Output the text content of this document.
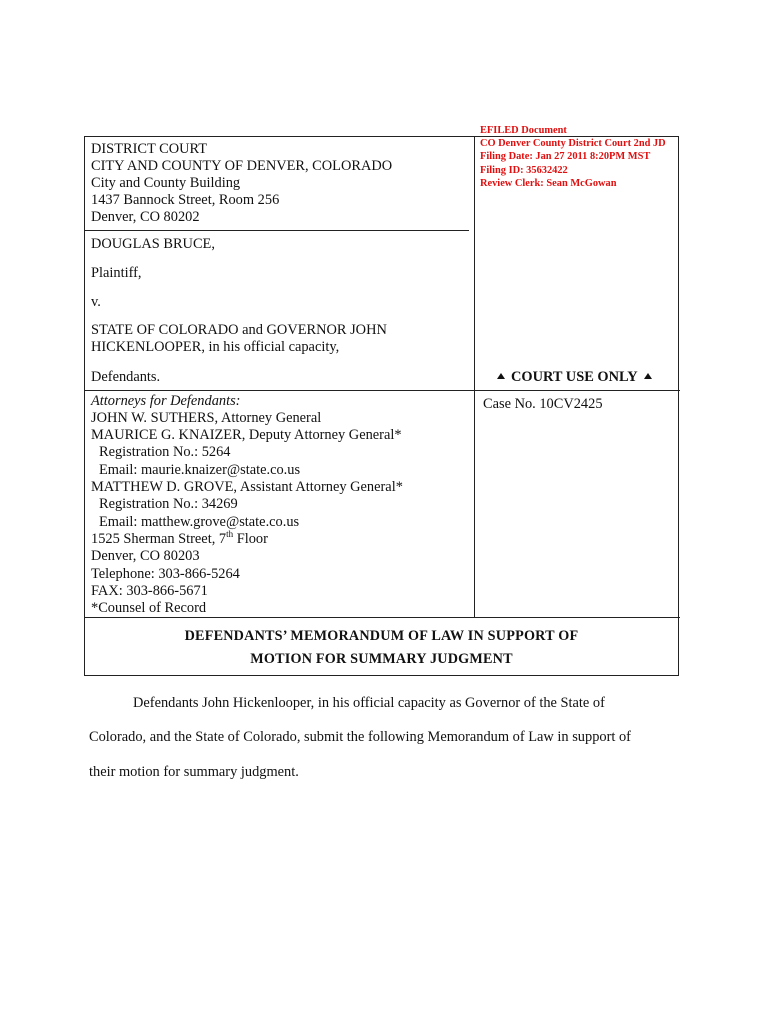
EFILED Document
CO Denver County District Court 2nd JD
Filing Date: Jan 27 2011 8:20PM MST
Filing ID: 35632422
Review Clerk: Sean McGowan
DISTRICT COURT
CITY AND COUNTY OF DENVER, COLORADO
City and County Building
1437 Bannock Street, Room 256
Denver, CO 80202
DOUGLAS BRUCE,
Plaintiff,
v.
STATE OF COLORADO and GOVERNOR JOHN
HICKENLOOPER, in his official capacity,
Defendants.	COURT USE ONLY
Attorneys for Defendants:
JOHN W. SUTHERS, Attorney General
MAURICE G. KNAIZER, Deputy Attorney General*
Registration No.: 5264
Email: maurie.knaizer@state.co.us
MATTHEW D. GROVE, Assistant Attorney General*
Registration No.: 34269
Email: matthew.grove@state.co.us
1525 Sherman Street, 7th Floor
Denver, CO 80203
Telephone: 303-866-5264
FAX: 303-866-5671
*Counsel of Record
Case No. 10CV2425
DEFENDANTS’ MEMORANDUM OF LAW IN SUPPORT OF
MOTION FOR SUMMARY JUDGMENT
Defendants John Hickenlooper, in his official capacity as Governor of the State of
Colorado, and the State of Colorado, submit the following Memorandum of Law in support of
their motion for summary judgment.
